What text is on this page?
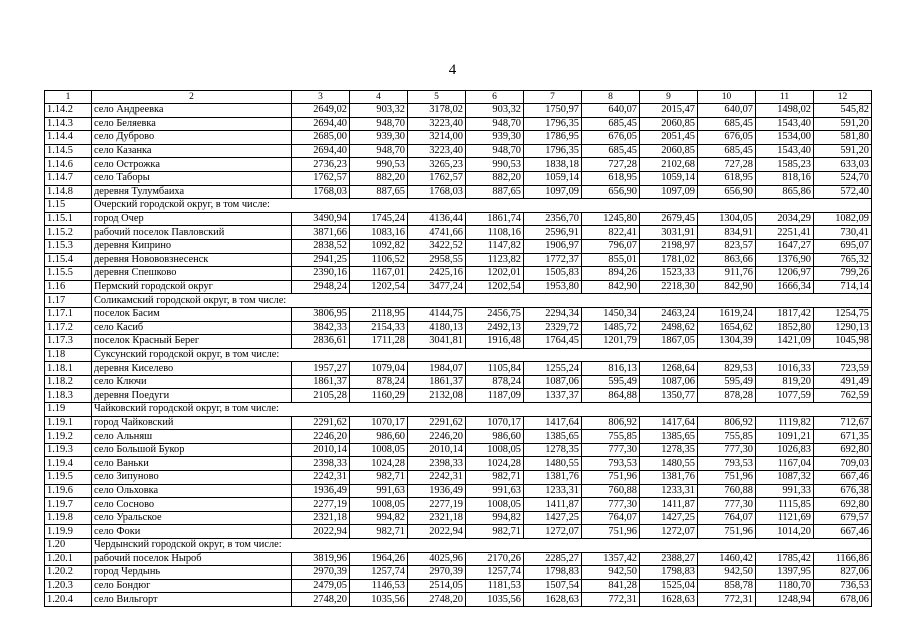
4
1	2	3	4	5	6	7	8	9	10	11	12
1.14.2	село Андреевка	2649,02	903,32	3178,02	903,32	1750,97	640,07	2015,47	640,07	1498,02	545,82
1.14.3	село Беляевка	2694,40	948,70	3223,40	948,70	1796,35	685,45	2060,85	685,45	1543,40	591,20
1.14.4	село Дуброво	2685,00	939,30	3214,00	939,30	1786,95	676,05	2051,45	676,05	1534,00	581,80
1.14.5	село Казанка	2694,40	948,70	3223,40	948,70	1796,35	685,45	2060,85	685,45	1543,40	591,20
1.14.6	село Острожка	2736,23	990,53	3265,23	990,53	1838,18	727,28	2102,68	727,28	1585,23	633,03
1.14.7	село Таборы	1762,57	882,20	1762,57	882,20	1059,14	618,95	1059,14	618,95	818,16	524,70
1.14.8	деревня Тулумбаиха	1768,03	887,65	1768,03	887,65	1097,09	656,90	1097,09	656,90	865,86	572,40
1.15	Очерский городской округ, в том числе:										
1.15.1	город Очер	3490,94	1745,24	4136,44	1861,74	2356,70	1245,80	2679,45	1304,05	2034,29	1082,09
1.15.2	рабочий поселок Павловский	3871,66	1083,16	4741,66	1108,16	2596,91	822,41	3031,91	834,91	2251,41	730,41
1.15.3	деревня Киприно	2838,52	1092,82	3422,52	1147,82	1906,97	796,07	2198,97	823,57	1647,27	695,07
1.15.4	деревня Новововзнесенск	2941,25	1106,52	2958,55	1123,82	1772,37	855,01	1781,02	863,66	1376,90	765,32
1.15.5	деревня Спешково	2390,16	1167,01	2425,16	1202,01	1505,83	894,26	1523,33	911,76	1206,97	799,26
1.16	Пермский городской округ	2948,24	1202,54	3477,24	1202,54	1953,80	842,90	2218,30	842,90	1666,34	714,14
1.17	Соликамский городской округ, в том числе:										
1.17.1	поселок Басим	3806,95	2118,95	4144,75	2456,75	2294,34	1450,34	2463,24	1619,24	1817,42	1254,75
1.17.2	село Касиб	3842,33	2154,33	4180,13	2492,13	2329,72	1485,72	2498,62	1654,62	1852,80	1290,13
1.17.3	поселок Красный Берег	2836,61	1711,28	3041,81	1916,48	1764,45	1201,79	1867,05	1304,39	1421,09	1045,98
1.18	Суксунский городской округ, в том числе:										
1.18.1	деревня Киселево	1957,27	1079,04	1984,07	1105,84	1255,24	816,13	1268,64	829,53	1016,33	723,59
1.18.2	село Ключи	1861,37	878,24	1861,37	878,24	1087,06	595,49	1087,06	595,49	819,20	491,49
1.18.3	деревня Поедуги	2105,28	1160,29	2132,08	1187,09	1337,37	864,88	1350,77	878,28	1077,59	762,59
1.19	Чайковский городской округ, в том числе:										
1.19.1	город Чайковский	2291,62	1070,17	2291,62	1070,17	1417,64	806,92	1417,64	806,92	1119,82	712,67
1.19.2	село Альняш	2246,20	986,60	2246,20	986,60	1385,65	755,85	1385,65	755,85	1091,21	671,35
1.19.3	село Большой Букор	2010,14	1008,05	2010,14	1008,05	1278,35	777,30	1278,35	777,30	1026,83	692,80
1.19.4	село Ваньки	2398,33	1024,28	2398,33	1024,28	1480,55	793,53	1480,55	793,53	1167,04	709,03
1.19.5	село Зипуново	2242,31	982,71	2242,31	982,71	1381,76	751,96	1381,76	751,96	1087,32	667,46
1.19.6	село Ольховка	1936,49	991,63	1936,49	991,63	1233,31	760,88	1233,31	760,88	991,33	676,38
1.19.7	село Сосново	2277,19	1008,05	2277,19	1008,05	1411,87	777,30	1411,87	777,30	1115,85	692,80
1.19.8	село Уральское	2321,18	994,82	2321,18	994,82	1427,25	764,07	1427,25	764,07	1121,69	679,57
1.19.9	село Фоки	2022,94	982,71	2022,94	982,71	1272,07	751,96	1272,07	751,96	1014,20	667,46
1.20	Чердынский городской округ, в том числе:										
1.20.1	рабочий поселок Ныроб	3819,96	1964,26	4025,96	2170,26	2285,27	1357,42	2388,27	1460,42	1785,42	1166,86
1.20.2	город Чердынь	2970,39	1257,74	2970,39	1257,74	1798,83	942,50	1798,83	942,50	1397,95	827,06
1.20.3	село Бондюг	2479,05	1146,53	2514,05	1181,53	1507,54	841,28	1525,04	858,78	1180,70	736,53
1.20.4	село Вильгорт	2748,20	1035,56	2748,20	1035,56	1628,63	772,31	1628,63	772,31	1248,94	678,06
